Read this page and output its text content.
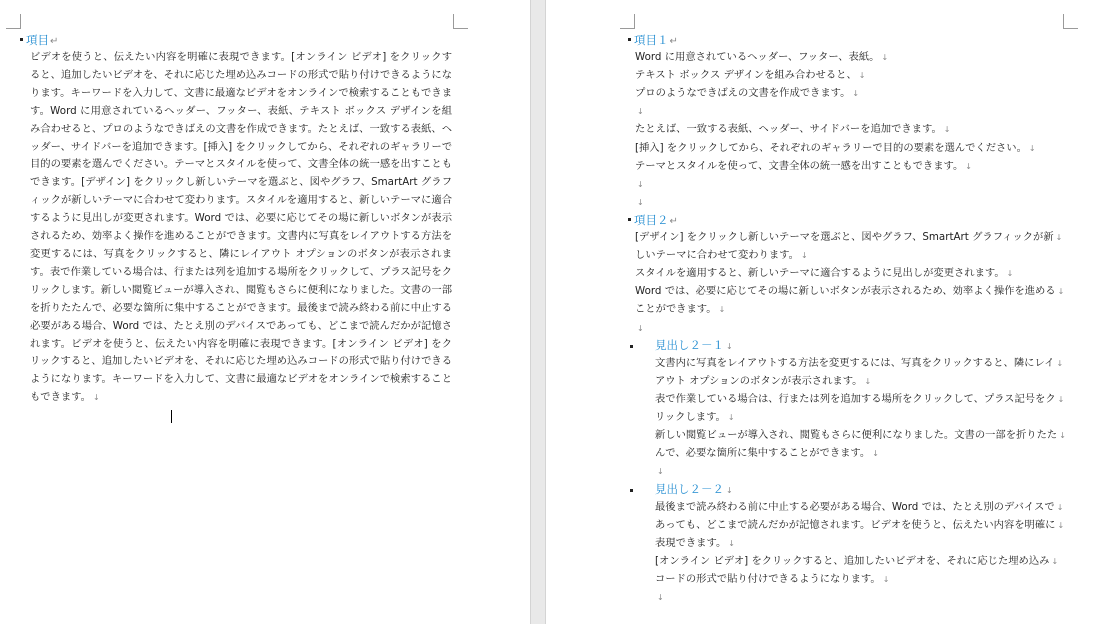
項目↵
ビデオを使うと、伝えたい内容を明確に表現できます。[オンライン ビデオ] をクリックすると、追加したいビデオを、それに応じた埋め込みコードの形式で貼り付けできるようになります。キーワードを入力して、文書に最適なビデオをオンラインで検索することもできます。Word に用意されているヘッダー、フッター、表紙、テキスト ボックス デザインを組み合わせると、プロのようなできばえの文書を作成できます。たとえば、一致する表紙、ヘッダー、サイドバーを追加できます。[挿入] をクリックしてから、それぞれのギャラリーで目的の要素を選んでください。テーマとスタイルを使って、文書全体の統一感を出すこともできます。[デザイン] をクリックし新しいテーマを選ぶと、図やグラフ、SmartArt グラフィックが新しいテーマに合わせて変わります。スタイルを適用すると、新しいテーマに適合するように見出しが変更されます。Word では、必要に応じてその場に新しいボタンが表示されるため、効率よく操作を進めることができます。文書内に写真をレイアウトする方法を変更するには、写真をクリックすると、隣にレイアウト オプションのボタンが表示されます。表で作業している場合は、行または列を追加する場所をクリックして、プラス記号をクリックします。新しい閲覧ビューが導入され、閲覧もさらに便利になりました。文書の一部を折りたたんで、必要な箇所に集中することができます。最後まで読み終わる前に中止する必要がある場合、Word では、たとえ別のデバイスであっても、どこまで読んだかが記憶されます。ビデオを使うと、伝えたい内容を明確に表現できます。[オンライン ビデオ] をクリックすると、追加したいビデオを、それに応じた埋め込みコードの形式で貼り付けできるようになります。キーワードを入力して、文書に最適なビデオをオンラインで検索することもできます。 ↓
項目１↵
Word に用意されているヘッダー、フッター、表紙。 ↓
テキスト ボックス デザインを組み合わせると、 ↓
プロのようなできばえの文書を作成できます。 ↓
↓
たとえば、一致する表紙、ヘッダー、サイドバーを追加できます。 ↓
[挿入] をクリックしてから、それぞれのギャラリーで目的の要素を選んでください。 ↓
テーマとスタイルを使って、文書全体の統一感を出すこともできます。 ↓
↓
↓
項目２↵
[デザイン] をクリックし新しいテーマを選ぶと、図やグラフ、SmartArt グラフィックが新 ↓
しいテーマに合わせて変わります。 ↓
スタイルを適用すると、新しいテーマに適合するように見出しが変更されます。 ↓
Word では、必要に応じてその場に新しいボタンが表示されるため、効率よく操作を進める ↓
ことができます。 ↓
↓
見出し２－１ ↓
文書内に写真をレイアウトする方法を変更するには、写真をクリックすると、隣にレイ ↓
アウト オプションのボタンが表示されます。 ↓
表で作業している場合は、行または列を追加する場所をクリックして、プラス記号をク ↓
リックします。 ↓
新しい閲覧ビューが導入され、閲覧もさらに便利になりました。文書の一部を折りたた ↓
んで、必要な箇所に集中することができます。 ↓
↓
見出し２－２ ↓
最後まで読み終わる前に中止する必要がある場合、Word では、たとえ別のデバイスで ↓
あっても、どこまで読んだかが記憶されます。ビデオを使うと、伝えたい内容を明確に ↓
表現できます。 ↓
[オンライン ビデオ] をクリックすると、追加したいビデオを、それに応じた埋め込み ↓
コードの形式で貼り付けできるようになります。 ↓
↓
